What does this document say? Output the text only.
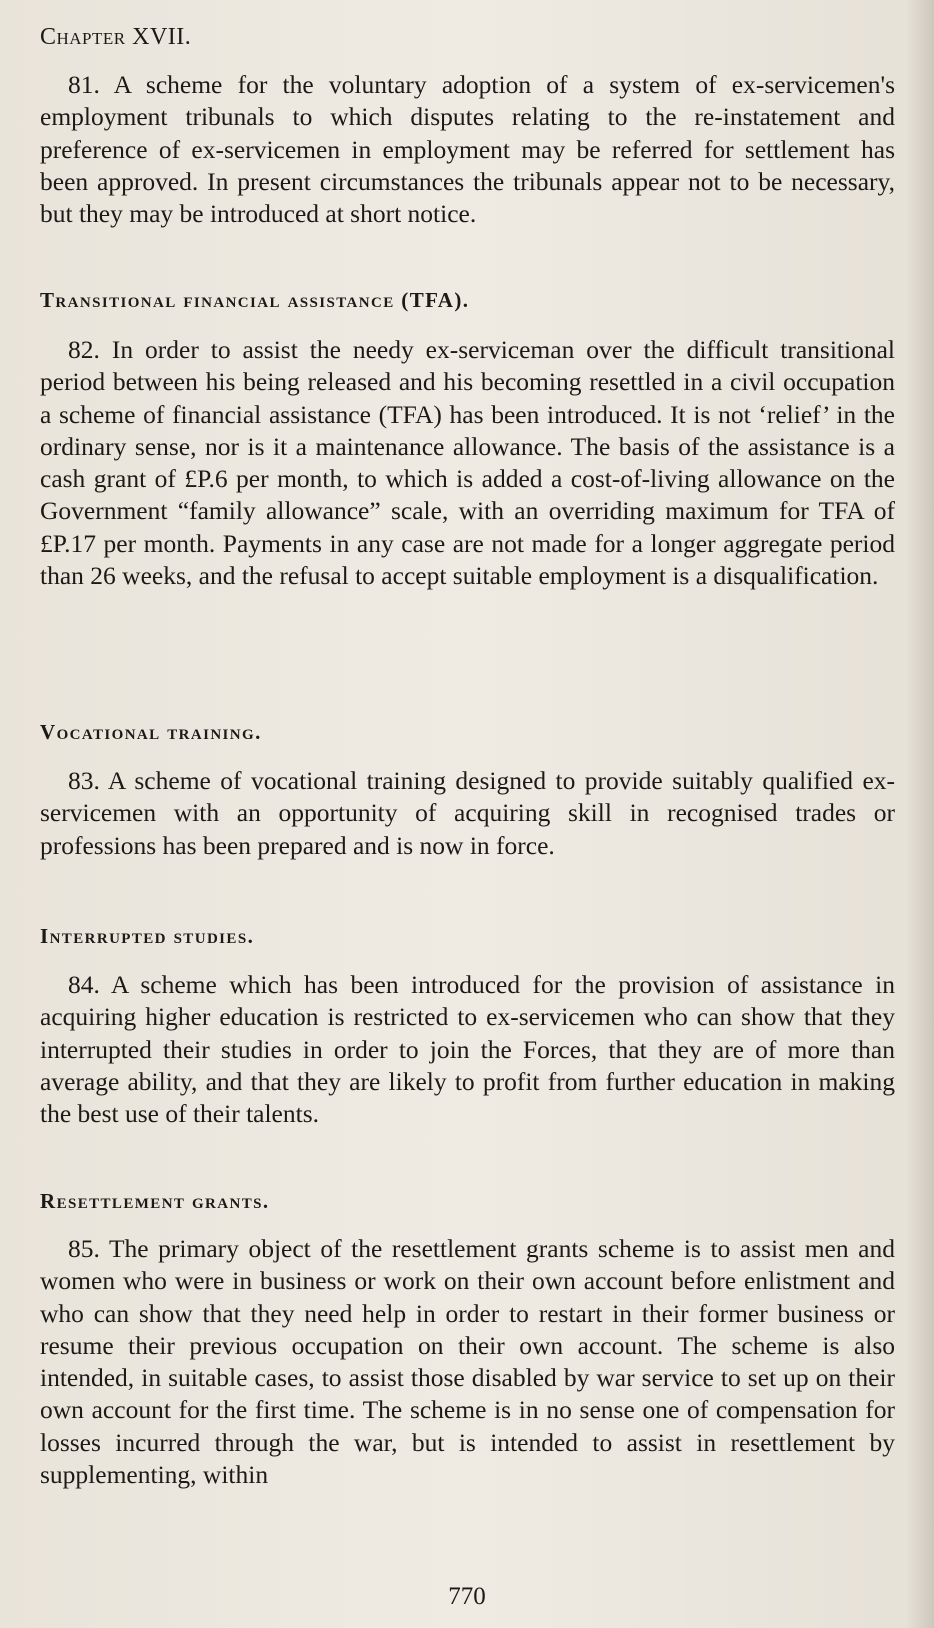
Chapter XVII.

81. A scheme for the voluntary adoption of a system of ex-servicemen's employment tribunals to which disputes relating to the re-instatement and preference of ex-servicemen in employment may be referred for settlement has been approved. In present circumstances the tribunals appear not to be necessary, but they may be introduced at short notice.

Transitional financial assistance (TFA).

82. In order to assist the needy ex-serviceman over the difficult transitional period between his being released and his becoming resettled in a civil occupation a scheme of financial assistance (TFA) has been introduced. It is not ‘relief’ in the ordinary sense, nor is it a maintenance allowance. The basis of the assistance is a cash grant of £P.6 per month, to which is added a cost-of-living allowance on the Government “family allowance” scale, with an overriding maximum for TFA of £P.17 per month. Payments in any case are not made for a longer aggregate period than 26 weeks, and the refusal to accept suitable employment is a disqualification.

Vocational training.

83. A scheme of vocational training designed to provide suitably qualified ex-servicemen with an opportunity of acquiring skill in recognised trades or professions has been prepared and is now in force.

Interrupted studies.

84. A scheme which has been introduced for the provision of assistance in acquiring higher education is restricted to ex-servicemen who can show that they interrupted their studies in order to join the Forces, that they are of more than average ability, and that they are likely to profit from further education in making the best use of their talents.

Resettlement grants.

85. The primary object of the resettlement grants scheme is to assist men and women who were in business or work on their own account before enlistment and who can show that they need help in order to restart in their former business or resume their previous occupation on their own account. The scheme is also intended, in suitable cases, to assist those disabled by war service to set up on their own account for the first time. The scheme is in no sense one of compensation for losses incurred through the war, but is intended to assist in resettlement by supplementing, within

770
